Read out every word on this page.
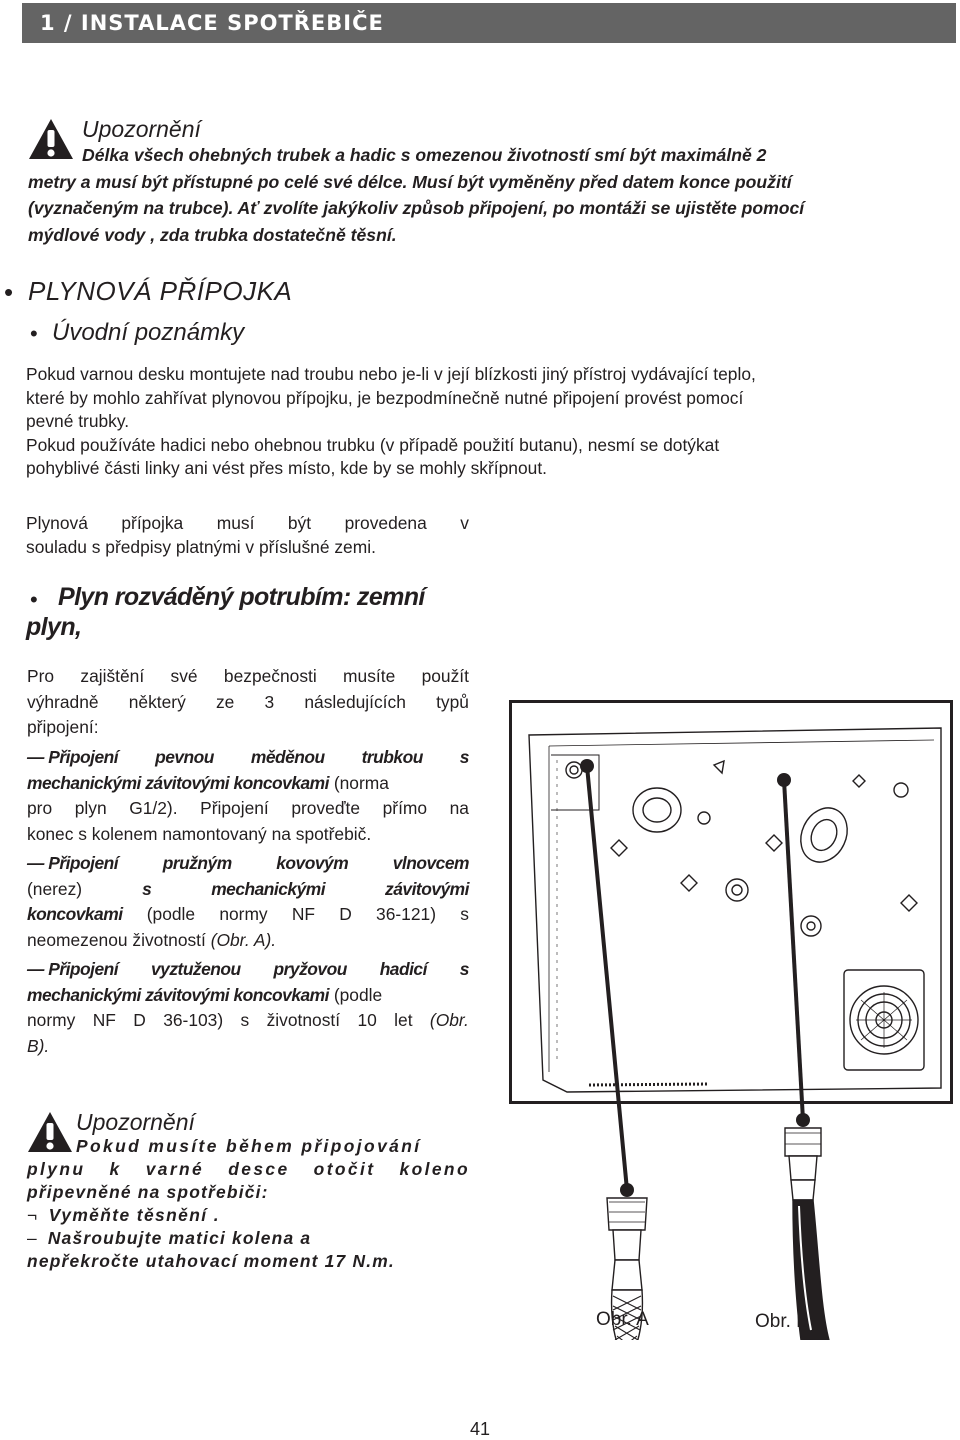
1 / INSTALACE SPOTŘEBIČE
Upozornění
Délka všech ohebných trubek a hadic s omezenou životností smí být maximálně 2
metry a musí být přístupné po celé své délce. Musí být vyměněny před datem konce použití
(vyznačeným na trubce). Ať zvolíte jakýkoliv způsob připojení, po montáži se ujistěte pomocí
mýdlové vody , zda trubka dostatečně těsní.
• PLYNOVÁ PŘÍPOJKA
• Úvodní poznámky
Pokud varnou desku montujete nad troubu nebo je-li v její blízkosti jiný přístroj vydávající teplo,
které by mohlo zahřívat plynovou přípojku, je bezpodmínečně nutné připojení provést pomocí
pevné trubky.
Pokud používáte hadici nebo ohebnou trubku (v případě použití butanu), nesmí se dotýkat
pohyblivé části linky ani vést přes místo, kde by se mohly skřípnout.
Plynová přípojka musí být provedena v
souladu s předpisy platnými v příslušné zemi.
• Plyn rozváděný potrubím: zemní
plyn,
Pro zajištění své bezpečnosti musíte použít
výhradně některý ze 3 následujících typů
připojení:
— Připojení pevnou měděnou trubkou s
mechanickými závitovými koncovkami (norma
pro plyn G1/2). Připojení proveďte přímo na
konec s kolenem namontovaný na spotřebič.
— Připojení	pružným	kovovým	vlnovcem
(nerez)	s	mechanickými	závitovými
koncovkami (podle normy NF D 36-121) s
neomezenou životností (Obr. A).
— Připojení vyztuženou pryžovou hadicí s
mechanickými závitovými koncovkami (podle
normy NF D 36-103) s životností 10 let (Obr.
B).
Upozornění
Pokud musíte během připojování
plynu k varné desce otočit koleno
připevněné na spotřebiči:
¬ Vyměňte těsnění .
– Našroubujte matici kolena a
nepřekročte utahovací moment 17 N.m.
Obr. A	Obr. B
41
